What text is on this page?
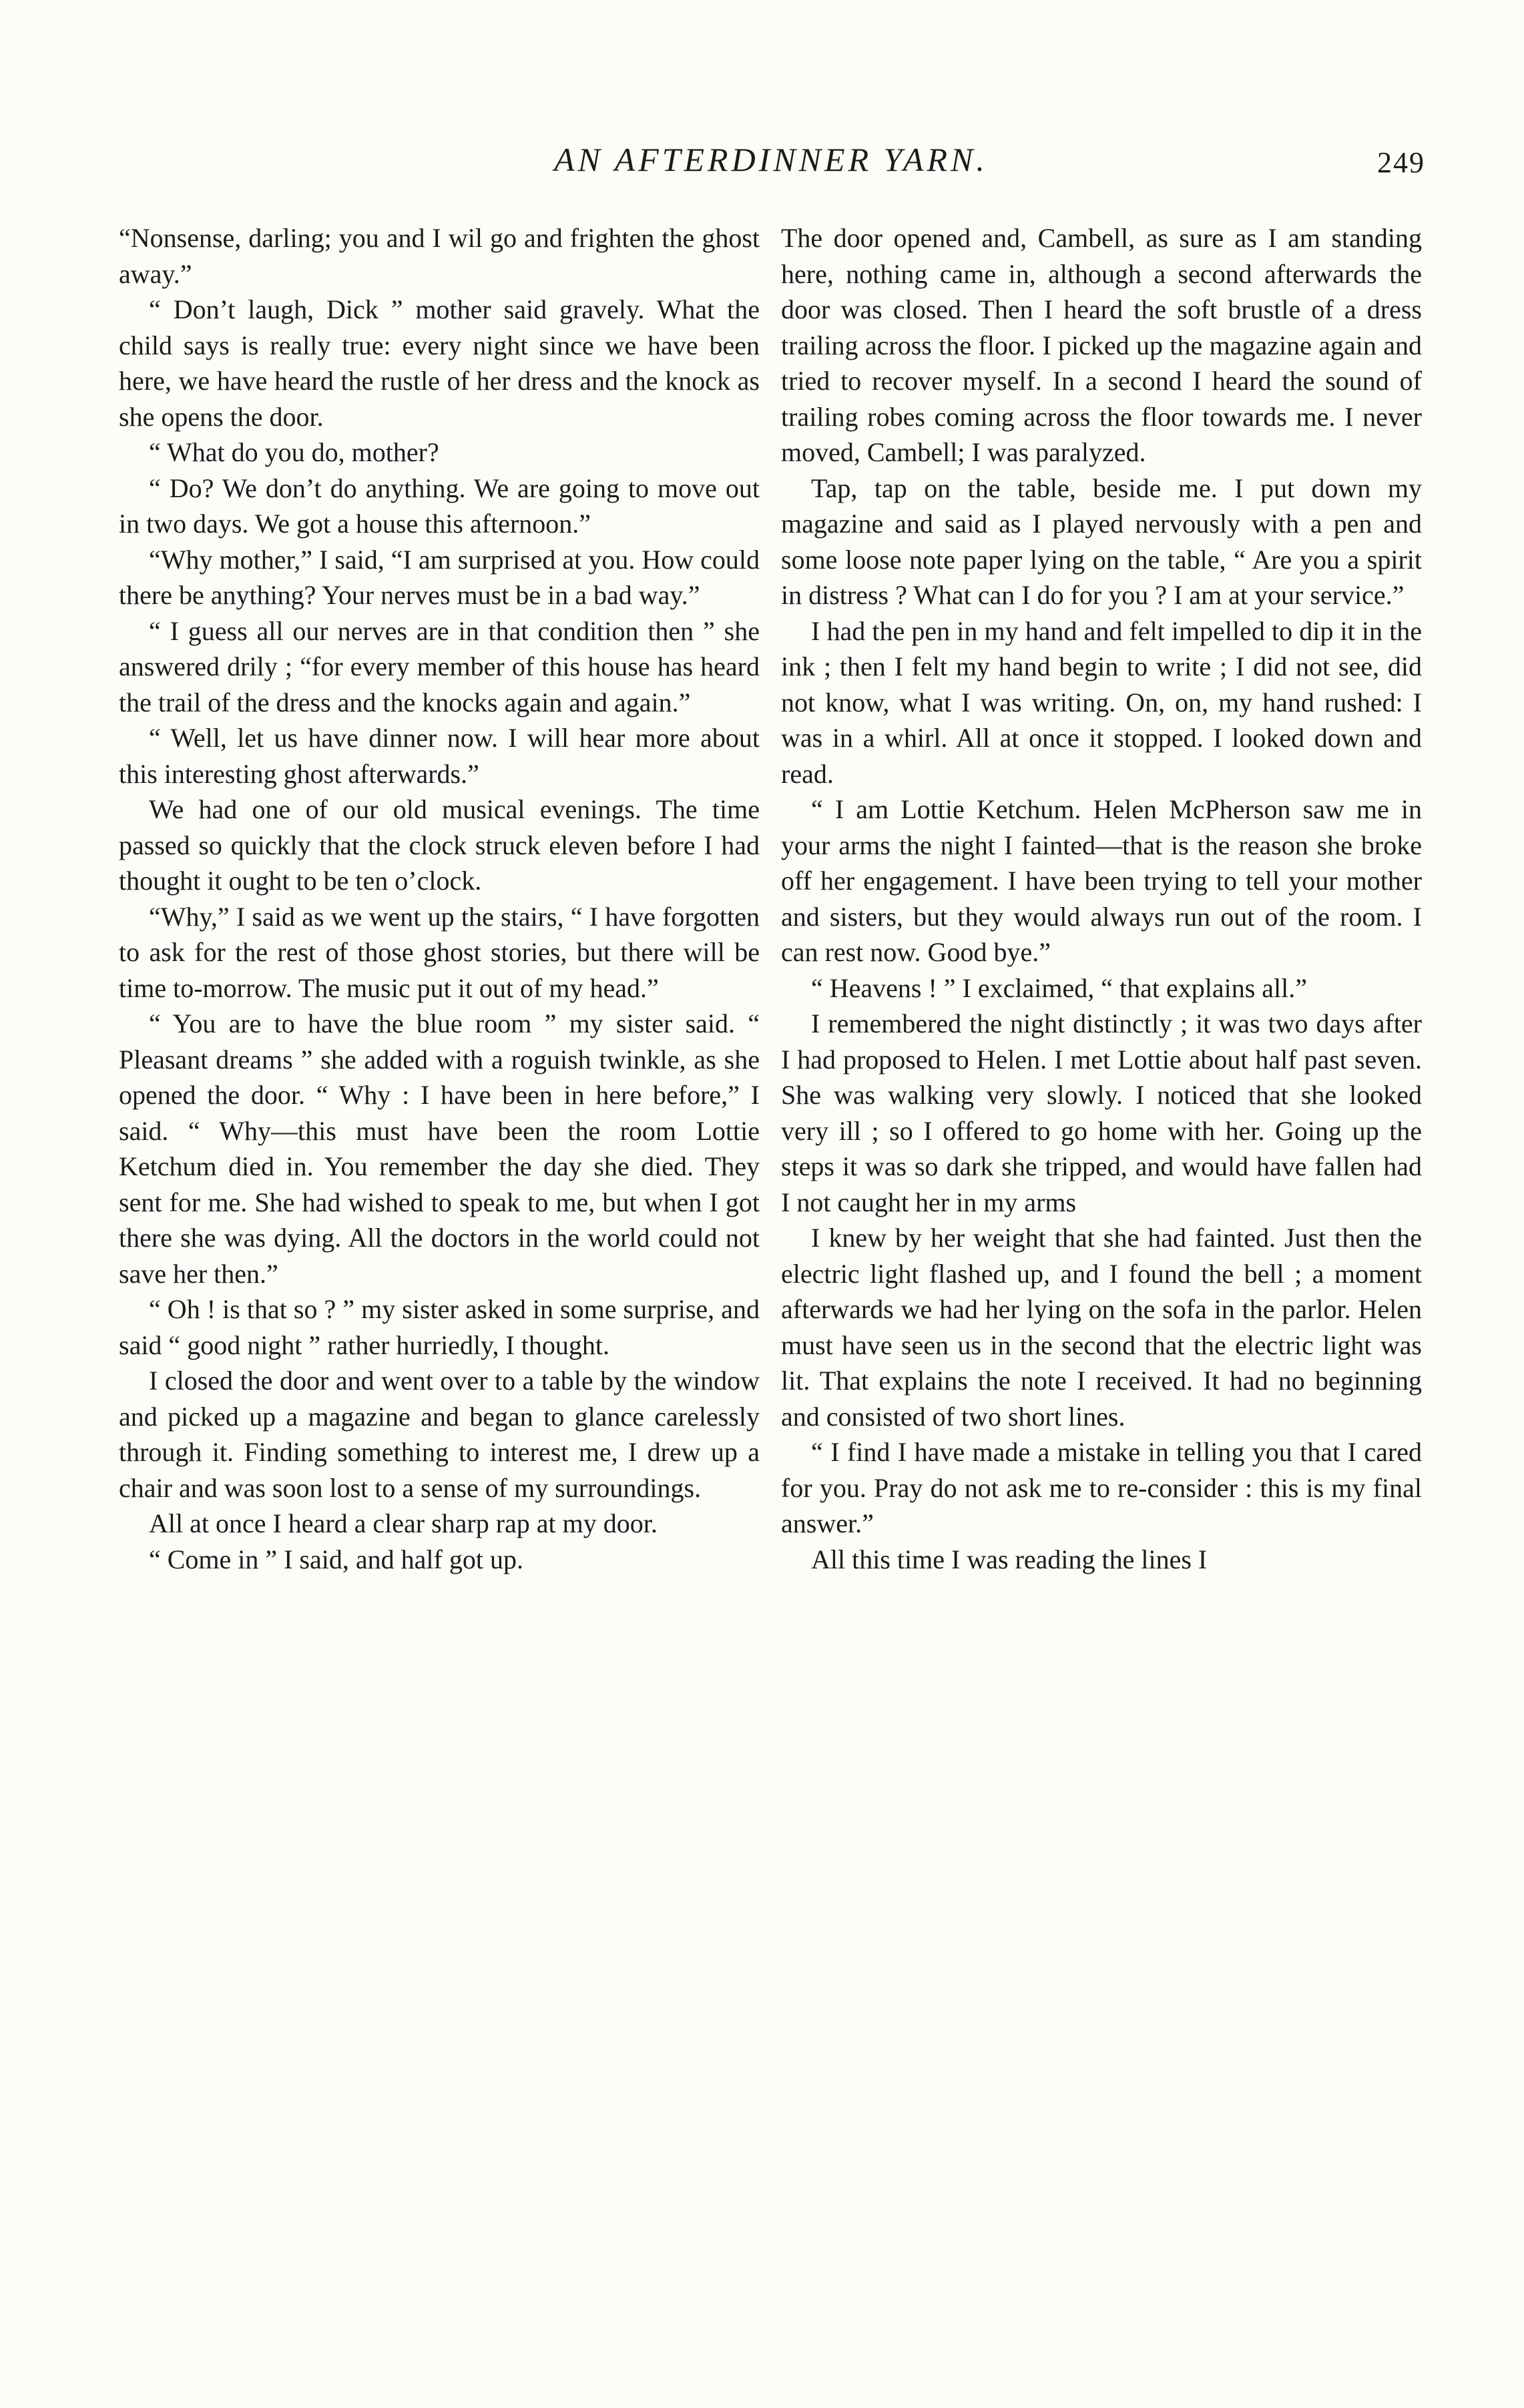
AN AFTERDINNER YARN.	249

“Nonsense, darling; you and I wil go and frighten the ghost away.”

“ Don’t laugh, Dick ” mother said gravely. What the child says is really true: every night since we have been here, we have heard the rustle of her dress and the knock as she opens the door.

“ What do you do, mother?

“ Do? We don’t do anything. We are going to move out in two days. We got a house this afternoon.”

“Why mother,” I said, “I am surprised at you. How could there be anything? Your nerves must be in a bad way.”

“ I guess all our nerves are in that condition then ” she answered drily ; “for every member of this house has heard the trail of the dress and the knocks again and again.”

“ Well, let us have dinner now. I will hear more about this interesting ghost afterwards.”

We had one of our old musical evenings. The time passed so quickly that the clock struck eleven before I had thought it ought to be ten o’clock.

“Why,” I said as we went up the stairs, “ I have forgotten to ask for the rest of those ghost stories, but there will be time to-morrow. The music put it out of my head.”

“ You are to have the blue room ” my sister said. “ Pleasant dreams ” she added with a roguish twinkle, as she opened the door. “ Why : I have been in here before,” I said. “ Why—this must have been the room Lottie Ketchum died in. You remember the day she died. They sent for me. She had wished to speak to me, but when I got there she was dying. All the doctors in the world could not save her then.”

“ Oh ! is that so ? ” my sister asked in some surprise, and said “ good night ” rather hurriedly, I thought.

I closed the door and went over to a table by the window and picked up a magazine and began to glance carelessly through it. Finding something to interest me, I drew up a chair and was soon lost to a sense of my surroundings.

All at once I heard a clear sharp rap at my door.

“ Come in ” I said, and half got up.

The door opened and, Cambell, as sure as I am standing here, nothing came in, although a second afterwards the door was closed. Then I heard the soft brustle of a dress trailing across the floor. I picked up the magazine again and tried to recover myself. In a second I heard the sound of trailing robes coming across the floor towards me. I never moved, Cambell; I was paralyzed.

Tap, tap on the table, beside me. I put down my magazine and said as I played nervously with a pen and some loose note paper lying on the table, “ Are you a spirit in distress ? What can I do for you ? I am at your service.”

I had the pen in my hand and felt impelled to dip it in the ink ; then I felt my hand begin to write ; I did not see, did not know, what I was writing. On, on, my hand rushed: I was in a whirl. All at once it stopped. I looked down and read.

“ I am Lottie Ketchum. Helen McPherson saw me in your arms the night I fainted—that is the reason she broke off her engagement. I have been trying to tell your mother and sisters, but they would always run out of the room. I can rest now. Good bye.”

“ Heavens ! ” I exclaimed, “ that explains all.”

I remembered the night distinctly ; it was two days after I had proposed to Helen. I met Lottie about half past seven. She was walking very slowly. I noticed that she looked very ill ; so I offered to go home with her. Going up the steps it was so dark she tripped, and would have fallen had I not caught her in my arms

I knew by her weight that she had fainted. Just then the electric light flashed up, and I found the bell ; a moment afterwards we had her lying on the sofa in the parlor. Helen must have seen us in the second that the electric light was lit. That explains the note I received. It had no beginning and consisted of two short lines.

“ I find I have made a mistake in telling you that I cared for you. Pray do not ask me to re-consider : this is my final answer.”

All this time I was reading the lines I
